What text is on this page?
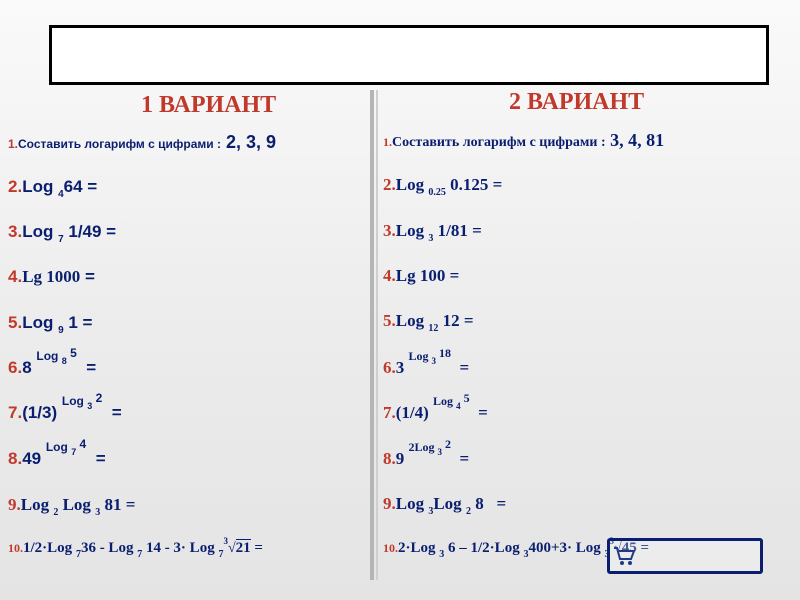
1 ВАРИАНТ
1.Составить логарифм с цифрами : 2, 3, 9
2.Log $_4$64 =
3.Log $_7$ 1/49 =
4.Lg 1000 =
5.Log $_9$ 1 =
6.8 $^{Log _8 5}$  =
7.(1/3) $^{Log _3 2}$  =
8.49 $^{Log _7 4}$  =
9.Log $_2$ Log $_3$ 81 =
10.1/2·Log $_7$36 - Log $_7$ 14 - 3· Log $_7^3$√21 =
2 ВАРИАНТ
1.Составить логарифм с цифрами : 3, 4, 81
2.Log $_{0.25}$ 0.125 =
3.Log $_3$ 1/81 =
4.Lg 100 =
5.Log $_{12}$ 12 =
6.3 $^{Log _3 18}$  =
7.(1/4) $^{Log _4 5}$  =
8.9 $^{2Log _3 2}$  =
9.Log $_3$Log $_2$ 8   =
10.2·Log $_3$ 6 – 1/2·Log $_3$400+3· Log $_3^3$√45 =
